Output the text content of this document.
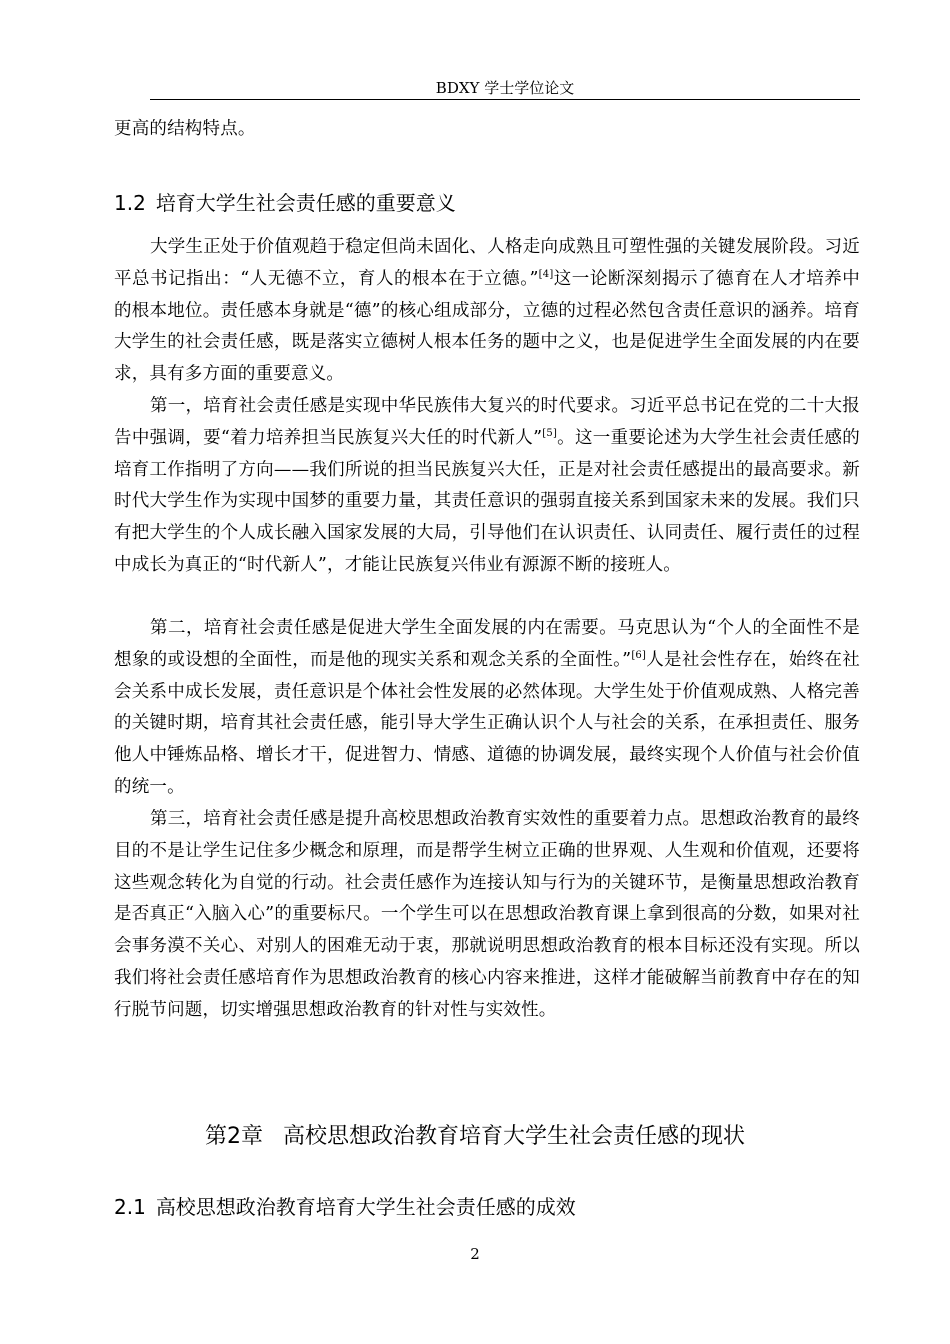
BDXY 学士学位论文
更高的结构特点。
1.2 培育大学生社会责任感的重要意义
大学生正处于价值观趋于稳定但尚未固化、人格走向成熟且可塑性强的关键发展阶段。习近平总书记指出：“人无德不立，育人的根本在于立德。”[4]这一论断深刻揭示了德育在人才培养中的根本地位。责任感本身就是“德”的核心组成部分，立德的过程必然包含责任意识的涵养。培育大学生的社会责任感，既是落实立德树人根本任务的题中之义，也是促进学生全面发展的内在要求，具有多方面的重要意义。
第一，培育社会责任感是实现中华民族伟大复兴的时代要求。习近平总书记在党的二十大报告中强调，要“着力培养担当民族复兴大任的时代新人”[5]。这一重要论述为大学生社会责任感的培育工作指明了方向——我们所说的担当民族复兴大任，正是对社会责任感提出的最高要求。新时代大学生作为实现中国梦的重要力量，其责任意识的强弱直接关系到国家未来的发展。我们只有把大学生的个人成长融入国家发展的大局，引导他们在认识责任、认同责任、履行责任的过程中成长为真正的“时代新人”，才能让民族复兴伟业有源源不断的接班人。
第二，培育社会责任感是促进大学生全面发展的内在需要。马克思认为“个人的全面性不是想象的或设想的全面性，而是他的现实关系和观念关系的全面性。”[6]人是社会性存在，始终在社会关系中成长发展，责任意识是个体社会性发展的必然体现。大学生处于价值观成熟、人格完善的关键时期，培育其社会责任感，能引导大学生正确认识个人与社会的关系，在承担责任、服务他人中锤炼品格、增长才干，促进智力、情感、道德的协调发展，最终实现个人价值与社会价值的统一。
第三，培育社会责任感是提升高校思想政治教育实效性的重要着力点。思想政治教育的最终目的不是让学生记住多少概念和原理，而是帮学生树立正确的世界观、人生观和价值观，还要将这些观念转化为自觉的行动。社会责任感作为连接认知与行为的关键环节，是衡量思想政治教育是否真正“入脑入心”的重要标尺。一个学生可以在思想政治教育课上拿到很高的分数，如果对社会事务漠不关心、对别人的困难无动于衷，那就说明思想政治教育的根本目标还没有实现。所以我们将社会责任感培育作为思想政治教育的核心内容来推进，这样才能破解当前教育中存在的知行脱节问题，切实增强思想政治教育的针对性与实效性。
第2章 高校思想政治教育培育大学生社会责任感的现状
2.1 高校思想政治教育培育大学生社会责任感的成效
2
